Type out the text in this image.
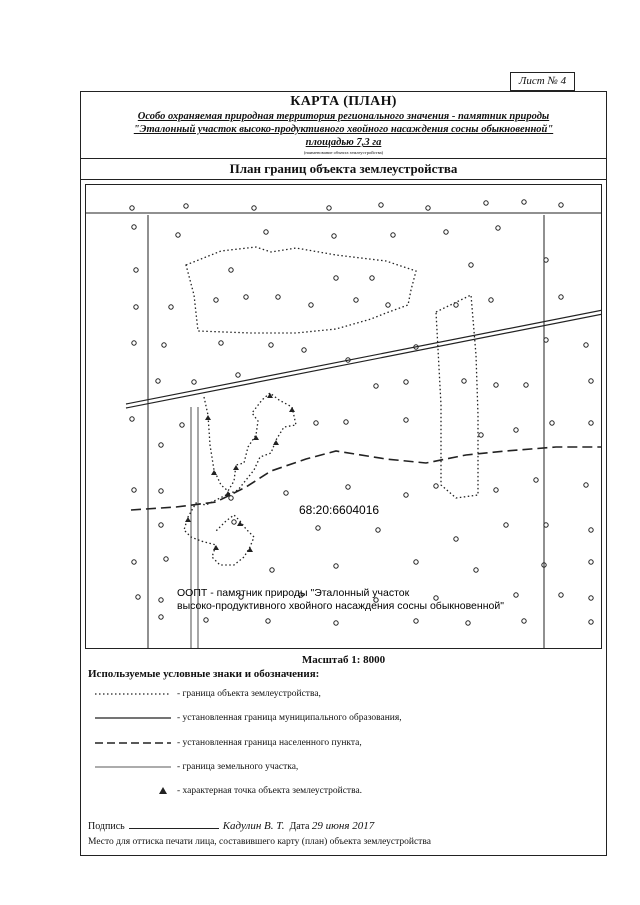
Лист № 4
КАРТА (ПЛАН)
Особо охраняемая природная территория регионального значения - памятник природы
"Эталонный участок высоко-продуктивного хвойного насаждения сосны обыкновенной"
площадью 7,3 га
(наименование объекта землеустройства)
План границ объекта землеустройства
68:20:6604016
ООПТ - памятник природы "Эталонный участок
высоко-продуктивного хвойного насаждения сосны обыкновенной"
Масштаб 1: 8000
Используемые условные знаки и обозначения:
- граница объекта землеустройства,
- установленная граница муниципального образования,
- установленная граница населенного пункта,
- граница земельного участка,
- характерная точка объекта землеустройства.
Подпись	Кадулин В. Т. Дата 29 июня 2017
Место для оттиска печати лица, составившего карту (план) объекта землеустройства
